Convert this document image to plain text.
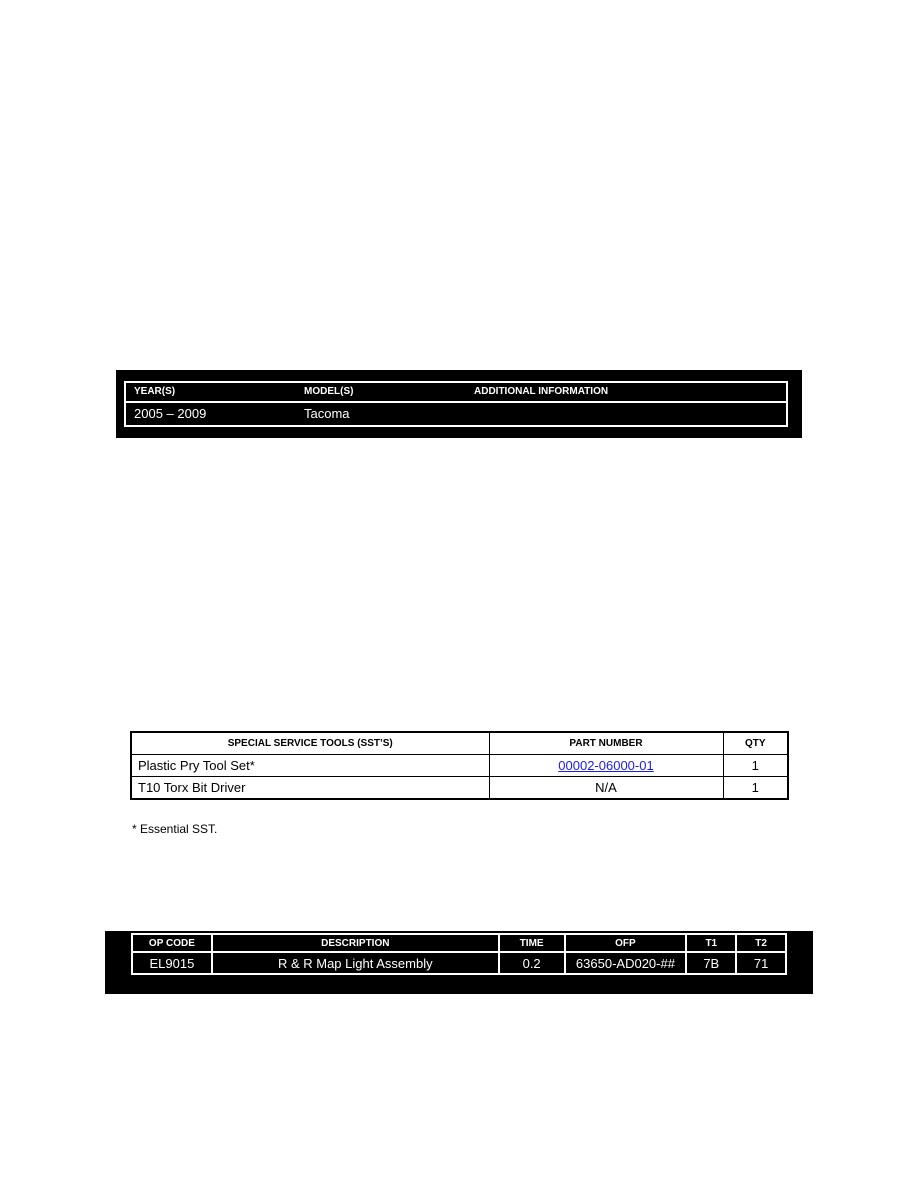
YEAR(S)	MODEL(S)	ADDITIONAL INFORMATION
2005 – 2009	Tacoma
SPECIAL SERVICE TOOLS (SST’S)	PART NUMBER	QTY
Plastic Pry Tool Set*	00002-06000-01	1
T10 Torx Bit Driver	N/A	1
* Essential SST.
OP CODE	DESCRIPTION	TIME	OFP	T1	T2
EL9015	R & R Map Light Assembly	0.2	63650-AD020-##	7B	71
